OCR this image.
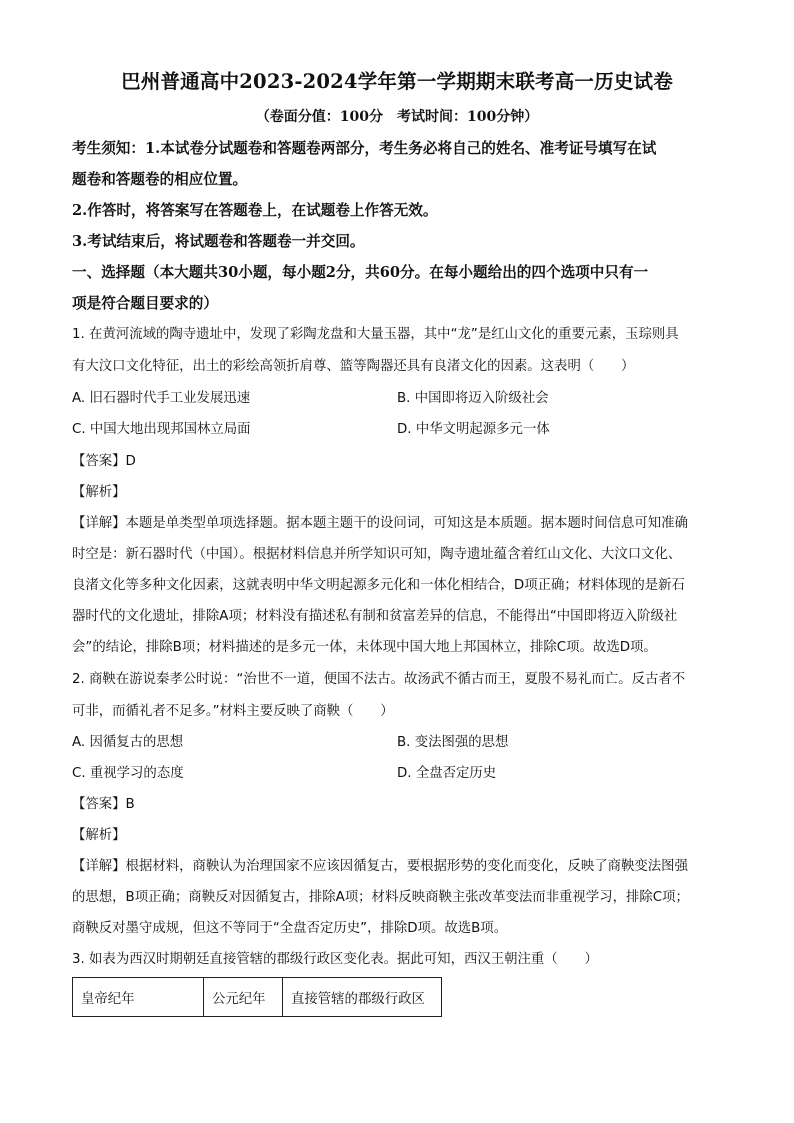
巴州普通高中2023-2024学年第一学期期末联考高一历史试卷
（卷面分值：100分　考试时间：100分钟）
考生须知：1.本试卷分试题卷和答题卷两部分，考生务必将自己的姓名、准考证号填写在试
题卷和答题卷的相应位置。
2.作答时，将答案写在答题卷上，在试题卷上作答无效。
3.考试结束后，将试题卷和答题卷一并交回。
一、选择题（本大题共30小题，每小题2分，共60分。在每小题给出的四个选项中只有一
项是符合题目要求的）
1. 在黄河流域的陶寺遗址中，发现了彩陶龙盘和大量玉器，其中“龙”是红山文化的重要元素，玉琮则具
有大汶口文化特征，出土的彩绘高领折肩尊、篮等陶器还具有良渚文化的因素。这表明（　　）
A. 旧石器时代手工业发展迅速	B. 中国即将迈入阶级社会
C. 中国大地出现邦国林立局面	D. 中华文明起源多元一体
【答案】D
【解析】
【详解】本题是单类型单项选择题。据本题主题干的设问词，可知这是本质题。据本题时间信息可知准确
时空是：新石器时代（中国）。根据材料信息并所学知识可知，陶寺遗址蕴含着红山文化、大汶口文化、
良渚文化等多种文化因素，这就表明中华文明起源多元化和一体化相结合，D项正确；材料体现的是新石
器时代的文化遗址，排除A项；材料没有描述私有制和贫富差异的信息，不能得出“中国即将迈入阶级社
会”的结论，排除B项；材料描述的是多元一体，未体现中国大地上邦国林立，排除C项。故选D项。
2. 商鞅在游说秦孝公时说：“治世不一道，便国不法古。故汤武不循古而王，夏殷不易礼而亡。反古者不
可非，而循礼者不足多。”材料主要反映了商鞅（　　）
A. 因循复古的思想	B. 变法图强的思想
C. 重视学习的态度	D. 全盘否定历史
【答案】B
【解析】
【详解】根据材料，商鞅认为治理国家不应该因循复古，要根据形势的变化而变化，反映了商鞅变法图强
的思想，B项正确；商鞅反对因循复古，排除A项；材料反映商鞅主张改革变法而非重视学习，排除C项；
商鞅反对墨守成规，但这不等同于“全盘否定历史”，排除D项。故选B项。
3. 如表为西汉时期朝廷直接管辖的郡级行政区变化表。据此可知，西汉王朝注重（　　）
皇帝纪年	公元纪年	直接管辖的郡级行政区
